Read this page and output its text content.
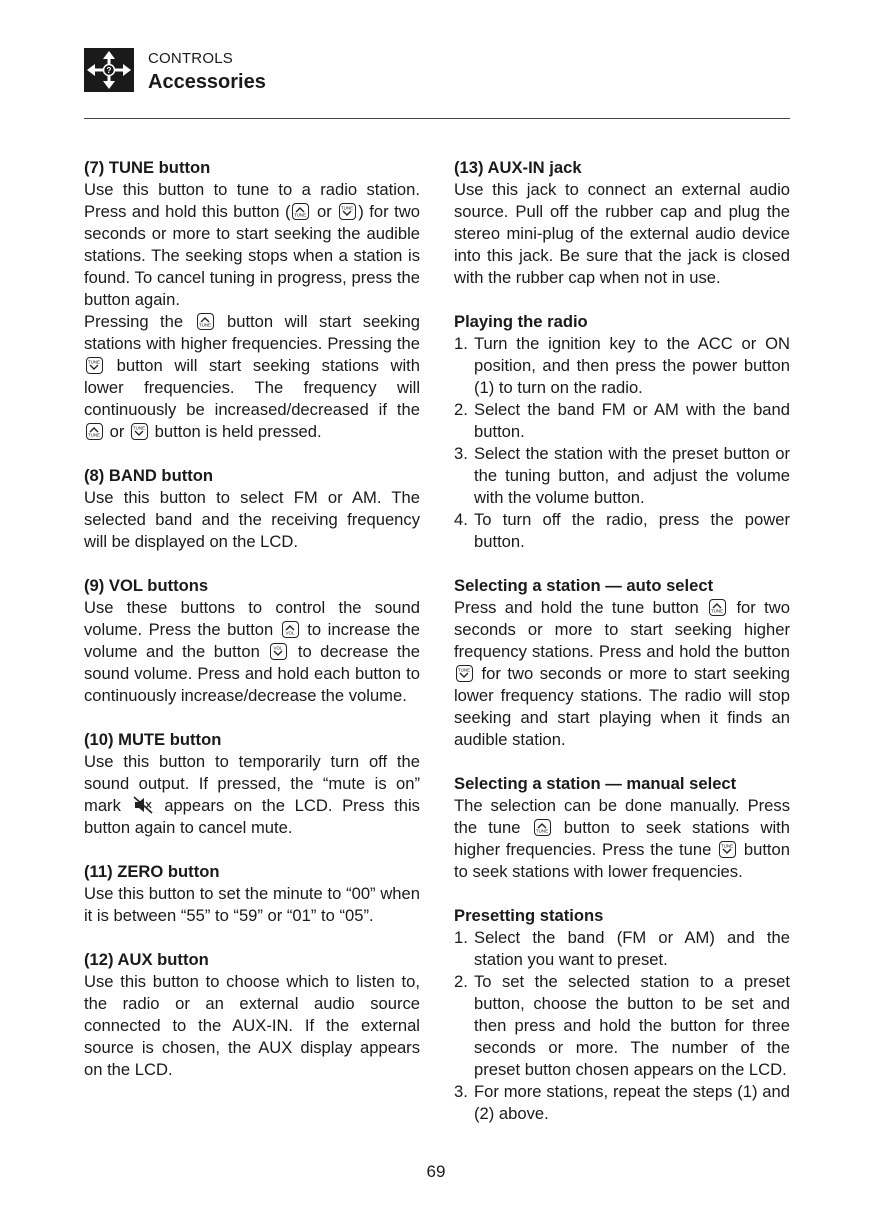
?
CONTROLS
Accessories
(7) TUNE button

Use this button to tune to a radio station. Press and hold this button ( TUNE or TUNE ) for two seconds or more to start seeking the audible stations. The seeking stops when a station is found. To cancel tuning in progress, press the button again.

Pressing the	TUNE button will start seeking stations with higher frequencies. Pressing the
TUNE button will start seeking stations with lower frequencies. The frequency will continuously be increased/decreased if the
TUNE or TUNE button is held pressed.

(8) BAND button

Use this button to select FM or AM. The selected band and the receiving frequency will be displayed on the LCD.

(9) VOL buttons

Use these buttons to control the sound volume. Press the button	VOL to increase the volume and the button	VOL to decrease the sound volume. Press and hold each button to continuously increase/decrease the volume.

(10) MUTE button

Use this button to temporarily turn off the sound output. If pressed, the “mute is on” mark	appears on the LCD. Press this button again to cancel mute.

(11) ZERO button

Use this button to set the minute to “00” when it is between “55” to “59” or “01” to “05”.

(12) AUX button

Use this button to choose which to listen to, the radio or an external audio source connected to the AUX-IN. If the external source is chosen, the AUX display appears on the LCD.

(13) AUX-IN jack

Use this jack to connect an external audio source. Pull off the rubber cap and plug the stereo mini-plug of the external audio device into this jack. Be sure that the jack is closed with the rubber cap when not in use.

Playing the radio
1. Turn the ignition key to the ACC or ON position, and then press the power button (1) to turn on the radio.
2. Select the band FM or AM with the band button.
3. Select the station with the preset button or the tuning button, and adjust the volume with the volume button.
4. To turn off the radio, press the power button.
Selecting a station — auto select

Press and hold the tune button	TUNE for two seconds or more to start seeking higher frequency stations. Press and hold the button
TUNE for two seconds or more to start seeking lower frequency stations. The radio will stop seeking and start playing when it finds an audible station.

Selecting a station — manual select

The selection can be done manually. Press the tune	TUNE button to seek stations with higher frequencies. Press the tune TUNE button to seek stations with lower frequencies.

Presetting stations
1. Select the band (FM or AM) and the station you want to preset.
2. To set the selected station to a preset button, choose the button to be set and then press and hold the button for three seconds or more. The number of the preset button chosen appears on the LCD.
3. For more stations, repeat the steps (1) and (2) above.
69
